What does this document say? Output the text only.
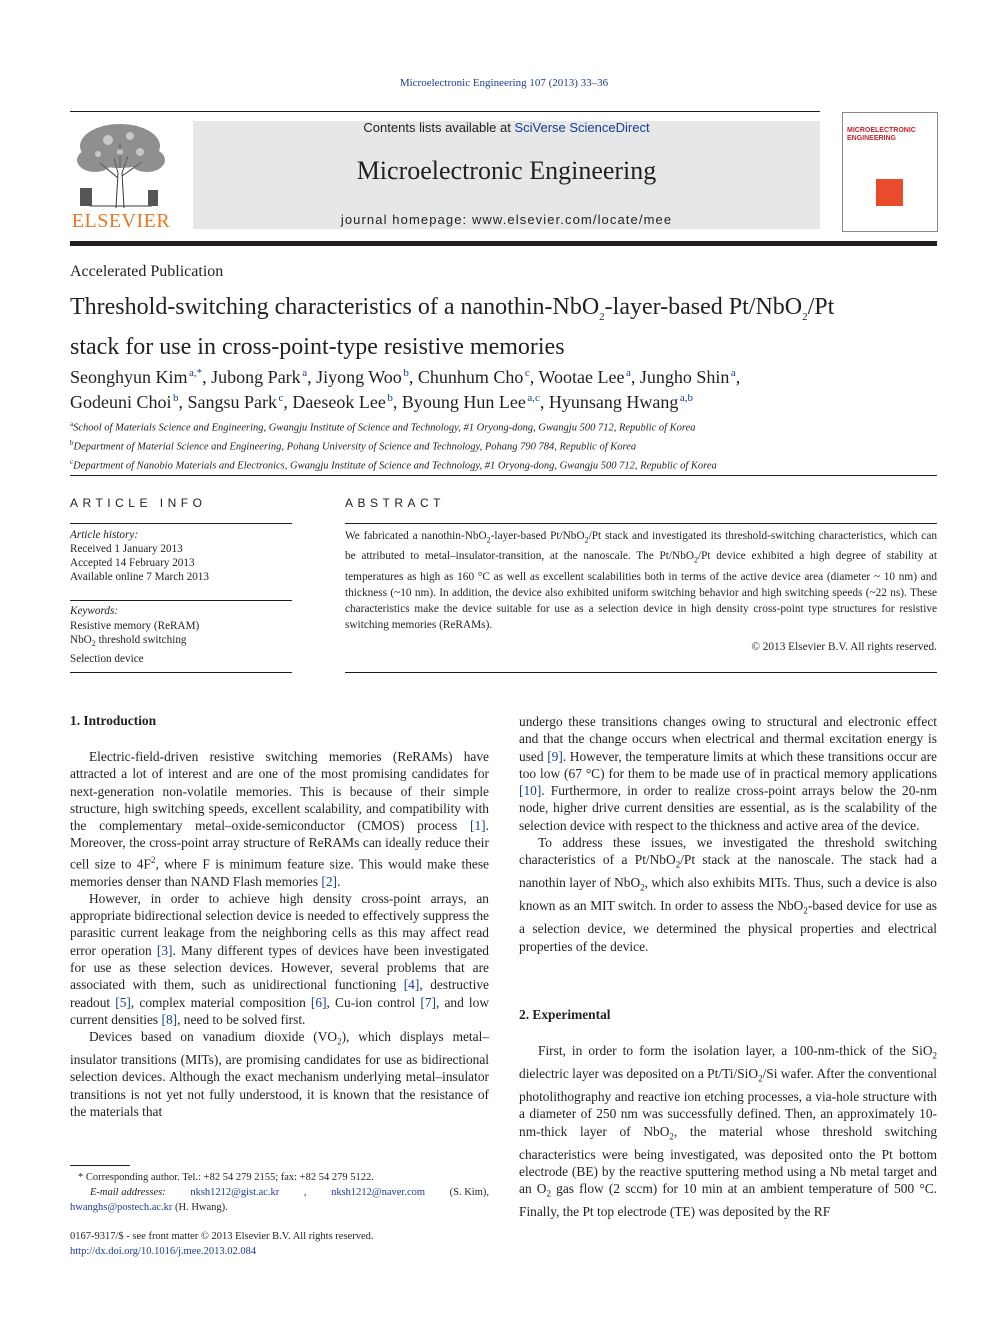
Microelectronic Engineering 107 (2013) 33–36
ELSEVIER
Contents lists available at SciVerse ScienceDirect
Microelectronic Engineering
journal homepage: www.elsevier.com/locate/mee
MICROELECTRONIC ENGINEERING
Accelerated Publication
Threshold-switching characteristics of a nanothin-NbO$_2$-layer-based Pt/NbO$_2$/Pt
stack for use in cross-point-type resistive memories
Seonghyun Kim  $^{a,*}$, Jubong Park  $^a$, Jiyong Woo  $^b$, Chunhum Cho  $^c$, Wootae Lee  $^a$, Jungho Shin  $^a$,
Godeuni Choi  $^b$, Sangsu Park  $^c$, Daeseok Lee  $^b$, Byoung Hun Lee  $^{a,c}$, Hyunsang Hwang  $^{a,b}$
$^a$School of Materials Science and Engineering, Gwangju Institute of Science and Technology, #1 Oryong-dong, Gwangju 500 712, Republic of Korea
$^b$Department of Material Science and Engineering, Pohang University of Science and Technology, Pohang 790 784, Republic of Korea
$^c$Department of Nanobio Materials and Electronics, Gwangju Institute of Science and Technology, #1 Oryong-dong, Gwangju 500 712, Republic of Korea
ARTICLE INFO
Article history:
Received 1 January 2013
Accepted 14 February 2013
Available online 7 March 2013
Keywords:
Resistive memory (ReRAM)
NbO$_2$ threshold switching
Selection device
ABSTRACT
We fabricated a nanothin-NbO$_2$-layer-based Pt/NbO$_2$/Pt stack and investigated its threshold-switching characteristics, which can be attributed to metal–insulator-transition, at the nanoscale. The Pt/NbO$_2$/Pt device exhibited a high degree of stability at temperatures as high as 160 °C as well as excellent scalabilities both in terms of the active device area (diameter ~ 10 nm) and thickness (~10 nm). In addition, the device also exhibited uniform switching behavior and high switching speeds (~22 ns). These characteristics make the device suitable for use as a selection device in high density cross-point type structures for resistive switching memories (ReRAMs).
© 2013 Elsevier B.V. All rights reserved.
1. Introduction

Electric-field-driven resistive switching memories (ReRAMs) have attracted a lot of interest and are one of the most promising candidates for next-generation non-volatile memories. This is because of their simple structure, high switching speeds, excellent scalability, and compatibility with the complementary metal–oxide-semiconductor (CMOS) process [1]. Moreover, the cross-point array structure of ReRAMs can ideally reduce their cell size to $4F^2$, where F is minimum feature size. This would make these memories denser than NAND Flash memories [2].

However, in order to achieve high density cross-point arrays, an appropriate bidirectional selection device is needed to effectively suppress the parasitic current leakage from the neighboring cells as this may affect read error operation [3]. Many different types of devices have been investigated for use as these selection devices. However, several problems that are associated with them, such as unidirectional functioning [4], destructive readout [5], complex material composition [6], Cu-ion control [7], and low current densities [8], need to be solved first.

Devices based on vanadium dioxide $(VO_2)$, which displays metal–insulator transitions (MITs), are promising candidates for use as bidirectional selection devices. Although the exact mechanism underlying metal–insulator transitions is not yet not fully understood, it is known that the resistance of the materials that

* Corresponding author. Tel.: +82 54 279 2155; fax: +82 54 279 5122.
E-mail addresses: nksh1212@gist.ac.kr , nksh1212@naver.com (S. Kim),
hwanghs@postech.ac.kr (H. Hwang).
0167-9317/$ - see front matter © 2013 Elsevier B.V. All rights reserved.
http://dx.doi.org/10.1016/j.mee.2013.02.084

undergo these transitions changes owing to structural and electronic effect and that the change occurs when electrical and thermal excitation energy is used [9]. However, the temperature limits at which these transitions occur are too low (67 °C) for them to be made use of in practical memory applications [10]. Furthermore, in order to realize cross-point arrays below the 20-nm node, higher drive current densities are essential, as is the scalability of the selection device with respect to the thickness and active area of the device.

To address these issues, we investigated the threshold switching characteristics of a Pt/NbO$_2$/Pt stack at the nanoscale. The stack had a nanothin layer of NbO$_2$, which also exhibits MITs. Thus, such a device is also known as an MIT switch. In order to assess the NbO$_2$-based device for use as a selection device, we determined the physical properties and electrical properties of the device.

2. Experimental

First, in order to form the isolation layer, a 100-nm-thick of the SiO$_2$ dielectric layer was deposited on a Pt/Ti/SiO$_2$/Si wafer. After the conventional photolithography and reactive ion etching processes, a via-hole structure with a diameter of 250 nm was successfully defined. Then, an approximately 10-nm-thick layer of NbO$_2$, the material whose threshold switching characteristics were being investigated, was deposited onto the Pt bottom electrode (BE) by the reactive sputtering method using a Nb metal target and an $O_2$ gas flow (2 sccm) for 10 min at an ambient temperature of 500 °C. Finally, the Pt top electrode (TE) was deposited by the RF
